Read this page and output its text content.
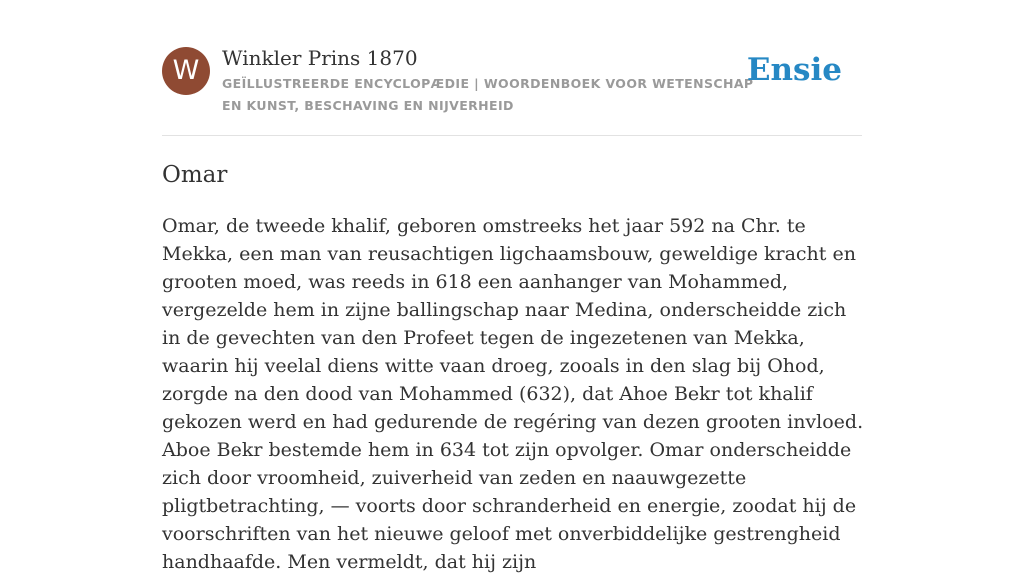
W	Winkler Prins 1870
GEÏLLUSTREERDE ENCYCLOPÆDIE | WOORDENBOEK VOOR WETENSCHAP EN KUNST, BESCHAVING EN NIJVERHEID
Ensie
Omar

Omar, de tweede khalif, geboren omstreeks het jaar 592 na Chr. te Mekka, een man van reusachtigen ligchaamsbouw, geweldige kracht en grooten moed, was reeds in 618 een aanhanger van Mohammed, vergezelde hem in zijne ballingschap naar Medina, onderscheidde zich in de gevechten van den Profeet tegen de ingezetenen van Mekka, waarin hij veelal diens witte vaan droeg, zooals in den slag bij Ohod, zorgde na den dood van Mohammed (632), dat Ahoe Bekr tot khalif gekozen werd en had gedurende de regéring van dezen grooten invloed. Aboe Bekr bestemde hem in 634 tot zijn opvolger. Omar onderscheidde zich door vroomheid, zuiverheid van zeden en naauwgezette pligtbetrachting, — voorts door schranderheid en energie, zoodat hij de voorschriften van het nieuwe geloof met onverbiddelijke gestrengheid handhaafde. Men vermeldt, dat hij zijn
